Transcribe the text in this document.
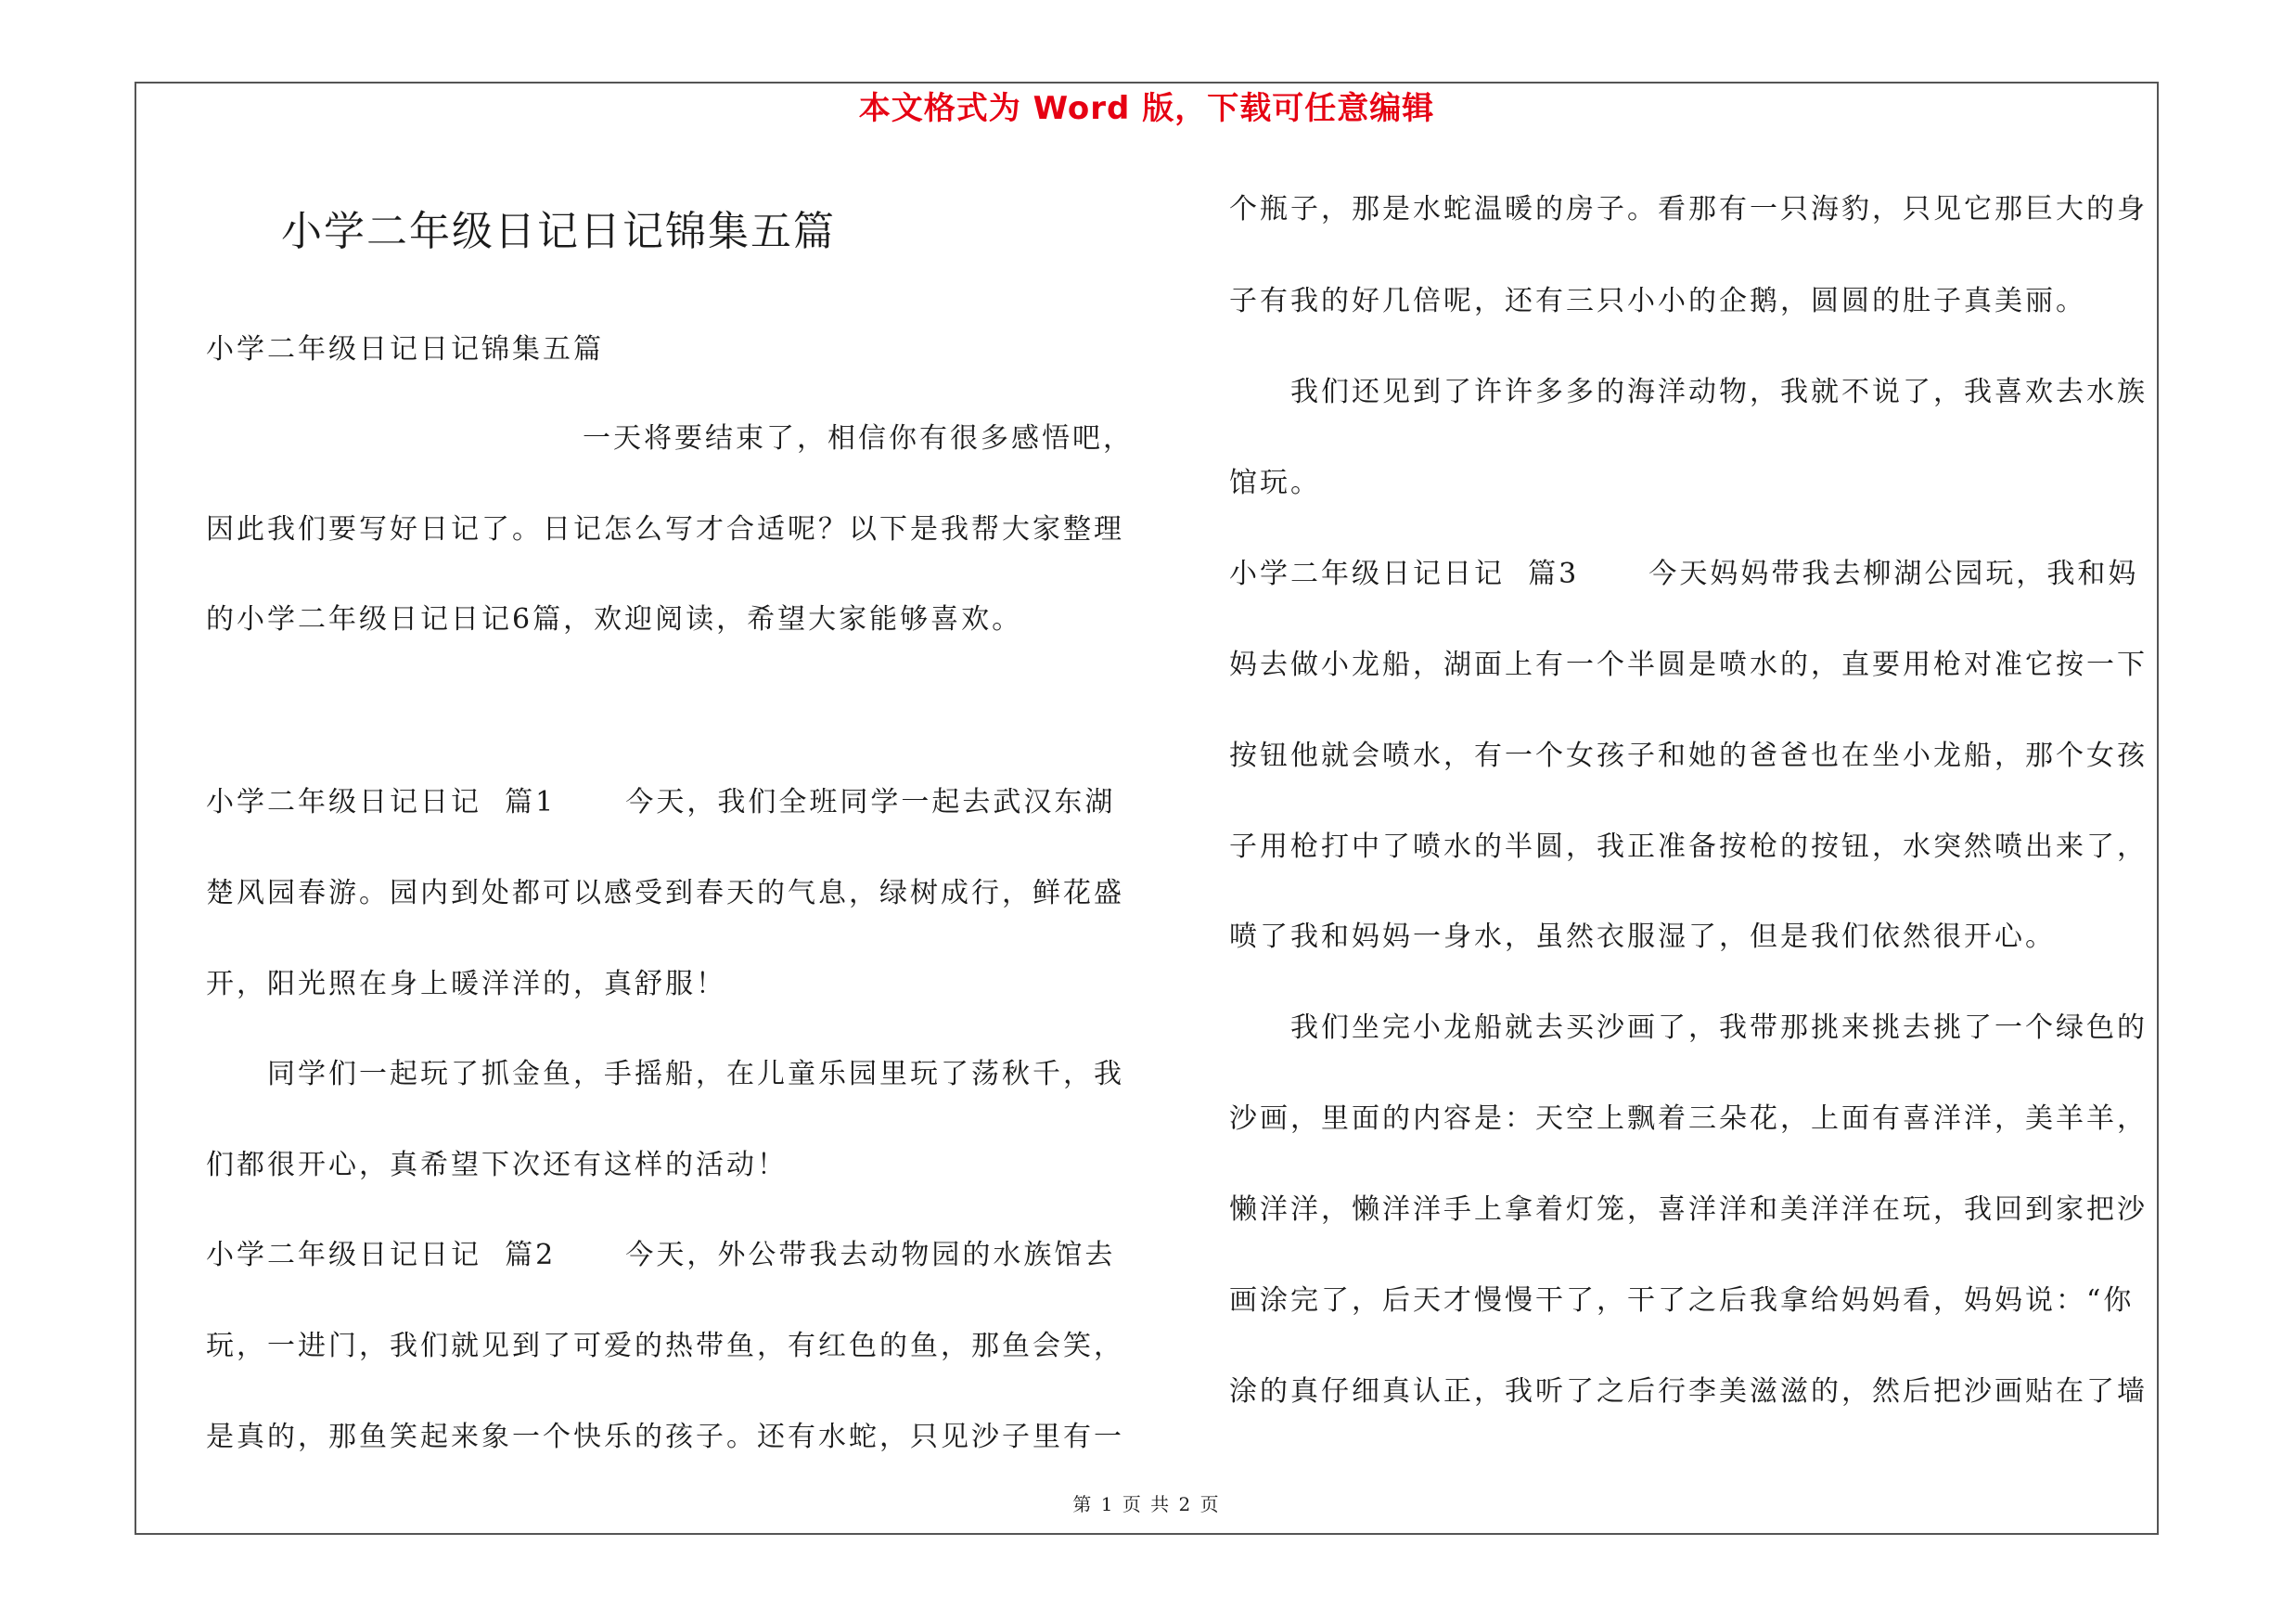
本文格式为 Word 版，下载可任意编辑
小学二年级日记日记锦集五篇
小学二年级日记日记锦集五篇
一天将要结束了，相信你有很多感悟吧，
因此我们要写好日记了。日记怎么写才合适呢？以下是我帮大家整理
的小学二年级日记日记6篇，欢迎阅读，希望大家能够喜欢。
小学二年级日记日记  篇1      今天，我们全班同学一起去武汉东湖
楚风园春游。园内到处都可以感受到春天的气息，绿树成行，鲜花盛
开，阳光照在身上暖洋洋的，真舒服！
同学们一起玩了抓金鱼，手摇船，在儿童乐园里玩了荡秋千，我
们都很开心，真希望下次还有这样的活动！
小学二年级日记日记  篇2      今天，外公带我去动物园的水族馆去
玩，一进门，我们就见到了可爱的热带鱼，有红色的鱼，那鱼会笑，
是真的，那鱼笑起来象一个快乐的孩子。还有水蛇，只见沙子里有一
个瓶子，那是水蛇温暖的房子。看那有一只海豹，只见它那巨大的身
子有我的好几倍呢，还有三只小小的企鹅，圆圆的肚子真美丽。
我们还见到了许许多多的海洋动物，我就不说了，我喜欢去水族
馆玩。
小学二年级日记日记  篇3      今天妈妈带我去柳湖公园玩，我和妈
妈去做小龙船，湖面上有一个半圆是喷水的，直要用枪对准它按一下
按钮他就会喷水，有一个女孩子和她的爸爸也在坐小龙船，那个女孩
子用枪打中了喷水的半圆，我正准备按枪的按钮，水突然喷出来了，
喷了我和妈妈一身水，虽然衣服湿了，但是我们依然很开心。
我们坐完小龙船就去买沙画了，我带那挑来挑去挑了一个绿色的
沙画，里面的内容是：天空上飘着三朵花，上面有喜洋洋，美羊羊，
懒洋洋，懒洋洋手上拿着灯笼，喜洋洋和美洋洋在玩，我回到家把沙
画涂完了，后天才慢慢干了，干了之后我拿给妈妈看，妈妈说：“你
涂的真仔细真认正，我听了之后行李美滋滋的，然后把沙画贴在了墙
第 1 页 共 2 页
